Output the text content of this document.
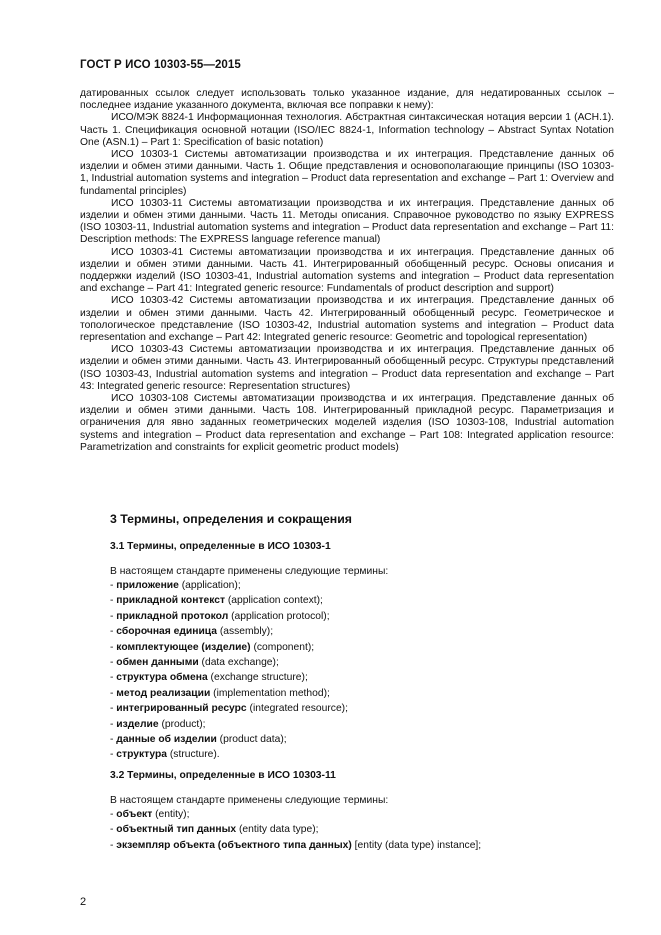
ГОСТ Р ИСО 10303-55—2015

датированных ссылок следует использовать только указанное издание, для недатированных ссылок – последнее издание указанного документа, включая все поправки к нему):

ИСО/МЭК 8824-1 Информационная технология. Абстрактная синтаксическая нотация версии 1 (АСН.1). Часть 1. Спецификация основной нотации (ISO/IEC 8824-1, Information technology – Abstract Syntax Notation One (ASN.1) – Part 1: Specification of basic notation)

ИСО 10303-1 Системы автоматизации производства и их интеграция. Представление данных об изделии и обмен этими данными. Часть 1. Общие представления и основополагающие принципы (ISO 10303-1, Industrial automation systems and integration – Product data representation and exchange – Part 1: Overview and fundamental principles)

ИСО 10303-11 Системы автоматизации производства и их интеграция. Представление данных об изделии и обмен этими данными. Часть 11. Методы описания. Справочное руководство по языку EXPRESS (ISO 10303-11, Industrial automation systems and integration – Product data representation and exchange – Part 11: Description methods: The EXPRESS language reference manual)

ИСО 10303-41 Системы автоматизации производства и их интеграция. Представление данных об изделии и обмен этими данными. Часть 41. Интегрированный обобщенный ресурс. Основы описания и поддержки изделий (ISO 10303-41, Industrial automation systems and integration – Product data representation and exchange – Part 41: Integrated generic resource: Fundamentals of product description and support)

ИСО 10303-42 Системы автоматизации производства и их интеграция. Представление данных об изделии и обмен этими данными. Часть 42. Интегрированный обобщенный ресурс. Геометрическое и топологическое представление (ISO 10303-42, Industrial automation systems and integration – Product data representation and exchange – Part 42: Integrated generic resource: Geometric and topological representation)

ИСО 10303-43 Системы автоматизации производства и их интеграция. Представление данных об изделии и обмен этими данными. Часть 43. Интегрированный обобщенный ресурс. Структуры представлений (ISO 10303-43, Industrial automation systems and integration – Product data representation and exchange – Part 43: Integrated generic resource: Representation structures)

ИСО 10303-108 Системы автоматизации производства и их интеграция. Представление данных об изделии и обмен этими данными. Часть 108. Интегрированный прикладной ресурс. Параметризация и ограничения для явно заданных геометрических моделей изделия (ISO 10303-108, Industrial automation systems and integration – Product data representation and exchange – Part 108: Integrated application resource: Parametrization and constraints for explicit geometric product models)

3 Термины, определения и сокращения
3.1 Термины, определенные в ИСО 10303-1
В настоящем стандарте применены следующие термины:
- приложение (application);
- прикладной контекст (application context);
- прикладной протокол (application protocol);
- сборочная единица (assembly);
- комплектующее (изделие) (component);
- обмен данными (data exchange);
- структура обмена (exchange structure);
- метод реализации (implementation method);
- интегрированный ресурс (integrated resource);
- изделие (product);
- данные об изделии (product data);
- структура (structure).
3.2 Термины, определенные в ИСО 10303-11
В настоящем стандарте применены следующие термины:
- объект (entity);
- объектный тип данных (entity data type);
- экземпляр объекта (объектного типа данных) [entity (data type) instance];
2
